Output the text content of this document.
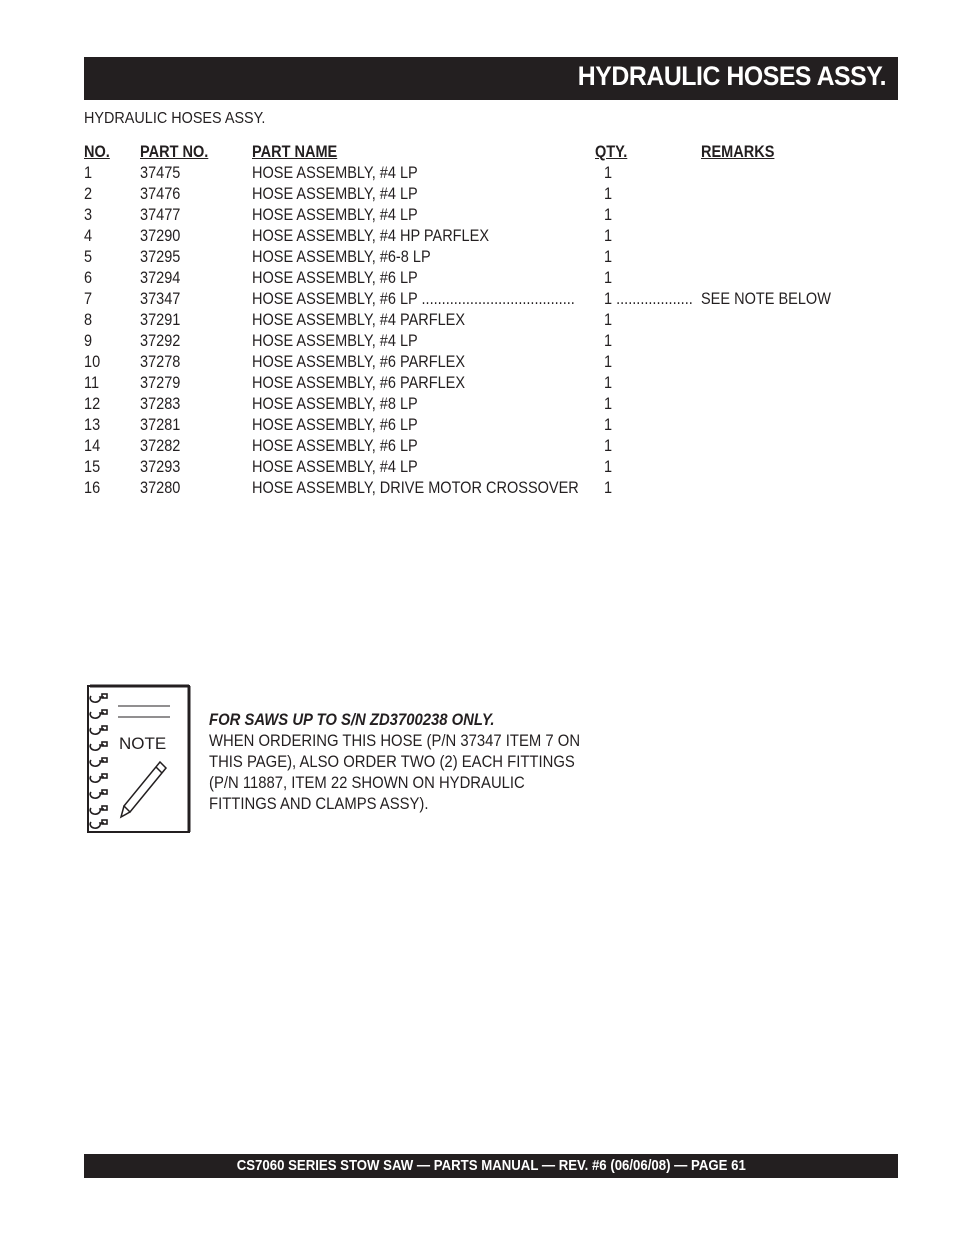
HYDRAULIC HOSES ASSY.
HYDRAULIC HOSES ASSY.
NO. PART NO.	PART NAME	QTY.	REMARKS
1	37475	HOSE ASSEMBLY, #4 LP	1
2	37476	HOSE ASSEMBLY, #4 LP	1
3	37477	HOSE ASSEMBLY, #4 LP	1
4	37290	HOSE ASSEMBLY, #4 HP PARFLEX	1
5	37295	HOSE ASSEMBLY, #6-8 LP	1
6	37294	HOSE ASSEMBLY, #6 LP	1
7	37347	HOSE ASSEMBLY, #6 LP ...................................... 1 ................... SEE NOTE BELOW
8	37291	HOSE ASSEMBLY, #4 PARFLEX	1
9	37292	HOSE ASSEMBLY, #4 LP	1
10 37278	HOSE ASSEMBLY, #6 PARFLEX	1
11 37279	HOSE ASSEMBLY, #6 PARFLEX	1
12 37283	HOSE ASSEMBLY, #8 LP	1
13 37281	HOSE ASSEMBLY, #6 LP	1
14 37282	HOSE ASSEMBLY, #6 LP	1
15 37293	HOSE ASSEMBLY, #4 LP	1
16 37280	HOSE ASSEMBLY, DRIVE MOTOR CROSSOVER 1
NOTE
FOR SAWS UP TO S/N ZD3700238 ONLY.
WHEN ORDERING THIS HOSE (P/N 37347 ITEM 7 ON
THIS PAGE), ALSO ORDER TWO (2) EACH FITTINGS
(P/N 11887, ITEM 22 SHOWN ON HYDRAULIC
FITTINGS AND CLAMPS ASSY).
CS7060 SERIES STOW SAW — PARTS MANUAL — REV. #6 (06/06/08) — PAGE 61
